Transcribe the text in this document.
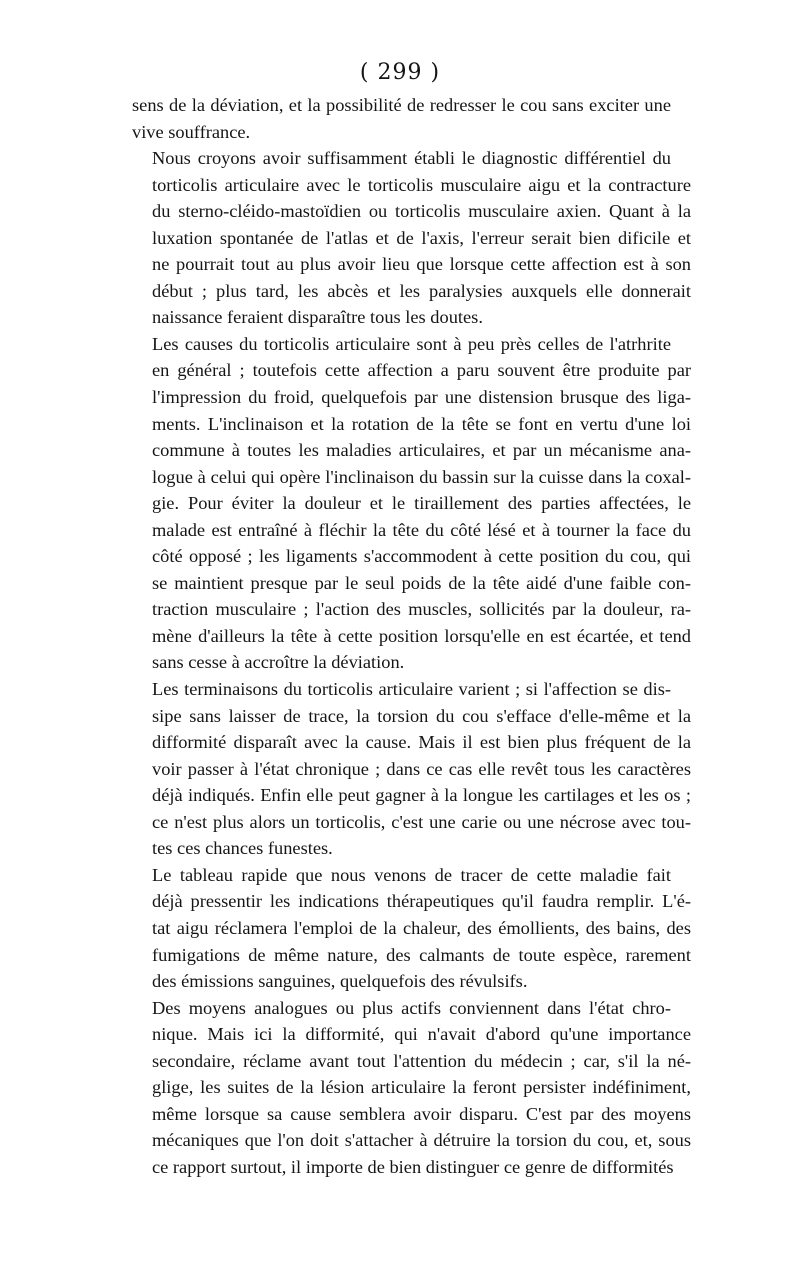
( 299 )

sens de la déviation, et la possibilité de redresser le cou sans exciter une
vive souffrance.

Nous croyons avoir suffisamment établi le diagnostic différentiel du
torticolis articulaire avec le torticolis musculaire aigu et la contracture
du sterno-cléido-mastoïdien ou torticolis musculaire axien. Quant à la
luxation spontanée de l'atlas et de l'axis, l'erreur serait bien dificile et
ne pourrait tout au plus avoir lieu que lorsque cette affection est à son
début ; plus tard, les abcès et les paralysies auxquels elle donnerait
naissance feraient disparaître tous les doutes.

Les causes du torticolis articulaire sont à peu près celles de l'atrhrite
en général ; toutefois cette affection a paru souvent être produite par
l'impression du froid, quelquefois par une distension brusque des liga-
ments. L'inclinaison et la rotation de la tête se font en vertu d'une loi
commune à toutes les maladies articulaires, et par un mécanisme ana-
logue à celui qui opère l'inclinaison du bassin sur la cuisse dans la coxal-
gie. Pour éviter la douleur et le tiraillement des parties affectées, le
malade est entraîné à fléchir la tête du côté lésé et à tourner la face du
côté opposé ; les ligaments s'accommodent à cette position du cou, qui
se maintient presque par le seul poids de la tête aidé d'une faible con-
traction musculaire ; l'action des muscles, sollicités par la douleur, ra-
mène d'ailleurs la tête à cette position lorsqu'elle en est écartée, et tend
sans cesse à accroître la déviation.

Les terminaisons du torticolis articulaire varient ; si l'affection se dis-
sipe sans laisser de trace, la torsion du cou s'efface d'elle-même et la
difformité disparaît avec la cause. Mais il est bien plus fréquent de la
voir passer à l'état chronique ; dans ce cas elle revêt tous les caractères
déjà indiqués. Enfin elle peut gagner à la longue les cartilages et les os ;
ce n'est plus alors un torticolis, c'est une carie ou une nécrose avec tou-
tes ces chances funestes.

Le tableau rapide que nous venons de tracer de cette maladie fait
déjà pressentir les indications thérapeutiques qu'il faudra remplir. L'é-
tat aigu réclamera l'emploi de la chaleur, des émollients, des bains, des
fumigations de même nature, des calmants de toute espèce, rarement
des émissions sanguines, quelquefois des révulsifs.

Des moyens analogues ou plus actifs conviennent dans l'état chro-
nique. Mais ici la difformité, qui n'avait d'abord qu'une importance
secondaire, réclame avant tout l'attention du médecin ; car, s'il la né-
glige, les suites de la lésion articulaire la feront persister indéfiniment,
même lorsque sa cause semblera avoir disparu. C'est par des moyens
mécaniques que l'on doit s'attacher à détruire la torsion du cou, et, sous
ce rapport surtout, il importe de bien distinguer ce genre de difformités
